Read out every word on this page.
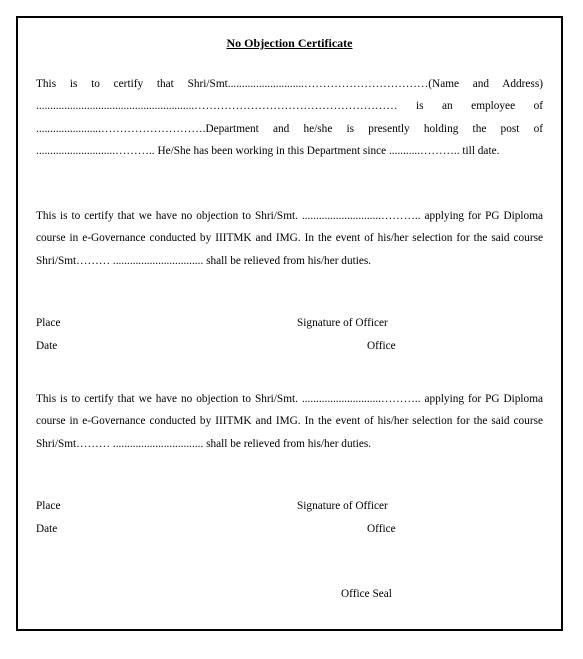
No Objection Certificate
This is to certify that Shri/Smt...........................……………………………(Name and Address) ........................................................……………………………………………… is an employee of .......................……………………….Department and he/she is presently holding the post of ............................……….. He/She has been working in this Department since ...........……….. till date.
This is to certify that we have no objection to Shri/Smt. ............................……….. applying for PG Diploma course in e-Governance conducted by IIITMK and IMG. In the event of his/her selection for the said course Shri/Smt……… ................................ shall be relieved from his/her duties.
Place
Date
Signature of Officer
Office
This is to certify that we have no objection to Shri/Smt. ............................……….. applying for PG Diploma course in e-Governance conducted by IIITMK and IMG. In the event of his/her selection for the said course Shri/Smt……… ................................ shall be relieved from his/her duties.
Place
Date
Signature of Officer
Office
Office Seal
